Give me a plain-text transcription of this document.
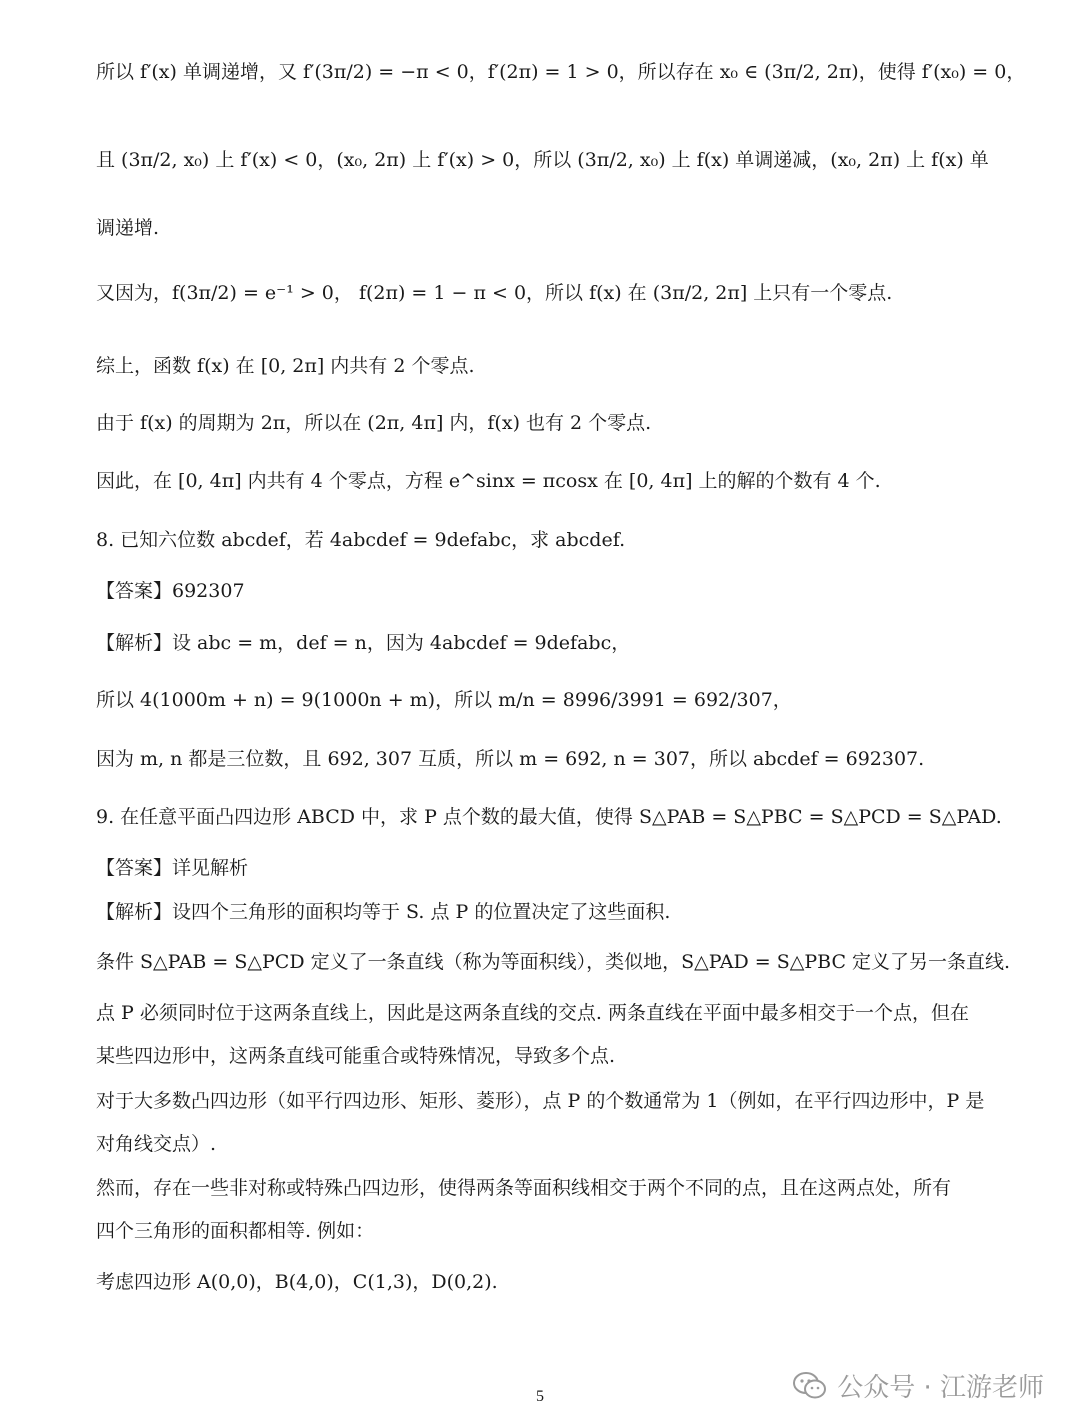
所以 f′(x) 单调递增，又 f′(3π/2) = −π < 0，f′(2π) = 1 > 0，所以存在 x₀ ∈ (3π/2, 2π)，使得 f′(x₀) = 0，
且 (3π/2, x₀) 上 f′(x) < 0，(x₀, 2π) 上 f′(x) > 0，所以 (3π/2, x₀) 上 f(x) 单调递减，(x₀, 2π) 上 f(x) 单
调递增.
又因为，f(3π/2) = e⁻¹ > 0， f(2π) = 1 − π < 0，所以 f(x) 在 (3π/2, 2π] 上只有一个零点.
综上，函数 f(x) 在 [0, 2π] 内共有 2 个零点.
由于 f(x) 的周期为 2π，所以在 (2π, 4π] 内，f(x) 也有 2 个零点.
因此，在 [0, 4π] 内共有 4 个零点，方程 e^sinx = πcosx 在 [0, 4π] 上的解的个数有 4 个.
8. 已知六位数 abcdef，若 4abcdef = 9defabc，求 abcdef.
【答案】692307
【解析】设 abc = m，def = n，因为 4abcdef = 9defabc，
所以 4(1000m + n) = 9(1000n + m)，所以 m/n = 8996/3991 = 692/307，
因为 m, n 都是三位数，且 692, 307 互质，所以 m = 692, n = 307，所以 abcdef = 692307.
9. 在任意平面凸四边形 ABCD 中，求 P 点个数的最大值，使得 S△PAB = S△PBC = S△PCD = S△PAD.
【答案】详见解析
【解析】设四个三角形的面积均等于 S. 点 P 的位置决定了这些面积.
条件 S△PAB = S△PCD 定义了一条直线（称为等面积线），类似地，S△PAD = S△PBC 定义了另一条直线.
点 P 必须同时位于这两条直线上，因此是这两条直线的交点. 两条直线在平面中最多相交于一个点，但在
某些四边形中，这两条直线可能重合或特殊情况，导致多个点.
对于大多数凸四边形（如平行四边形、矩形、菱形），点 P 的个数通常为 1（例如，在平行四边形中，P 是
对角线交点）.
然而，存在一些非对称或特殊凸四边形，使得两条等面积线相交于两个不同的点，且在这两点处，所有
四个三角形的面积都相等. 例如：
考虑四边形 A(0,0)，B(4,0)，C(1,3)，D(0,2).
公众号 · 江游老师
5
